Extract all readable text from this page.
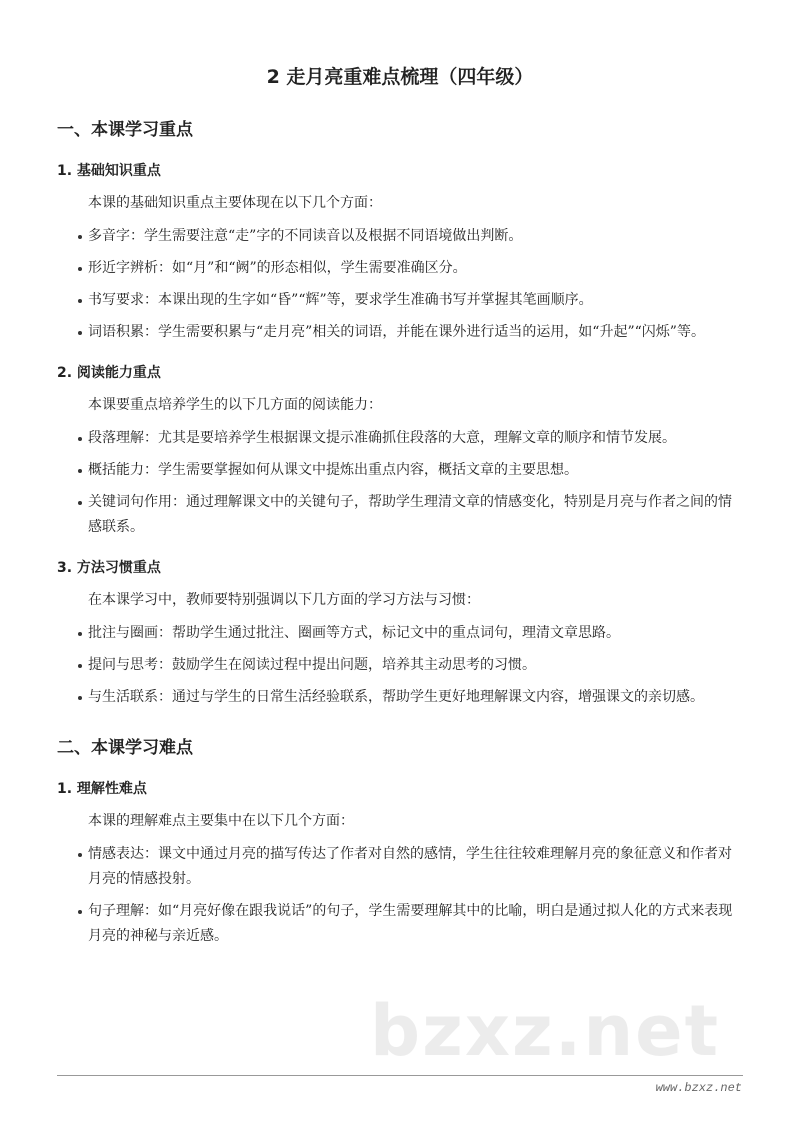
2 走月亮重难点梳理（四年级）
一、本课学习重点
1. 基础知识重点
本课的基础知识重点主要体现在以下几个方面：
多音字：学生需要注意“走”字的不同读音以及根据不同语境做出判断。
形近字辨析：如“月”和“阙”的形态相似，学生需要准确区分。
书写要求：本课出现的生字如“昏”“辉”等，要求学生准确书写并掌握其笔画顺序。
词语积累：学生需要积累与“走月亮”相关的词语，并能在课外进行适当的运用，如“升起”“闪烁”等。
2. 阅读能力重点
本课要重点培养学生的以下几方面的阅读能力：
段落理解：尤其是要培养学生根据课文提示准确抓住段落的大意，理解文章的顺序和情节发展。
概括能力：学生需要掌握如何从课文中提炼出重点内容，概括文章的主要思想。
关键词句作用：通过理解课文中的关键句子，帮助学生理清文章的情感变化，特别是月亮与作者之间的情感联系。
3. 方法习惯重点
在本课学习中，教师要特别强调以下几方面的学习方法与习惯：
批注与圈画：帮助学生通过批注、圈画等方式，标记文中的重点词句，理清文章思路。
提问与思考：鼓励学生在阅读过程中提出问题，培养其主动思考的习惯。
与生活联系：通过与学生的日常生活经验联系，帮助学生更好地理解课文内容，增强课文的亲切感。
二、本课学习难点
1. 理解性难点
本课的理解难点主要集中在以下几个方面：
情感表达：课文中通过月亮的描写传达了作者对自然的感情，学生往往较难理解月亮的象征意义和作者对月亮的情感投射。
句子理解：如“月亮好像在跟我说话”的句子，学生需要理解其中的比喻，明白是通过拟人化的方式来表现月亮的神秘与亲近感。
bzxz.net
www.bzxz.net
